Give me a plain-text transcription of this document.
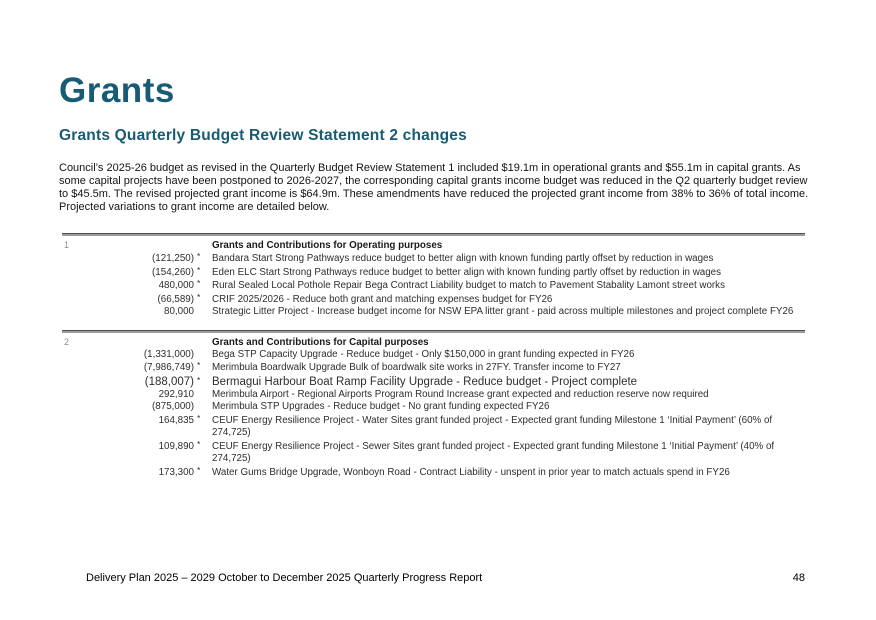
Grants
Grants Quarterly Budget Review Statement 2 changes
Council’s 2025-26 budget as revised in the Quarterly Budget Review Statement 1 included $19.1m in operational grants and $55.1m in capital grants. As some capital projects have been postponed to 2026-2027, the corresponding capital grants income budget was reduced in the Q2 quarterly budget review to $45.5m. The revised projected grant income is $64.9m. These amendments have reduced the projected grant income from 38% to 36% of total income. Projected variations to grant income are detailed below.
1	Grants and Contributions for Operating purposes
(121,250) *	Bandara Start Strong Pathways reduce budget to better align with known funding partly offset by reduction in wages
(154,260) *	Eden ELC Start Strong Pathways reduce budget to better align with known funding partly offset by reduction in wages
480,000 *	Rural Sealed Local Pothole Repair Bega Contract Liability budget to match to Pavement Stabality Lamont street works
(66,589) *	CRIF 2025/2026 - Reduce both grant and matching expenses budget for FY26
80,000 Strategic Litter Project - Increase budget income for NSW EPA litter grant - paid across multiple milestones and project complete FY26
2	Grants and Contributions for Capital purposes
(1,331,000) Bega STP Capacity Upgrade - Reduce budget - Only $150,000 in grant funding expected in FY26
(7,986,749) *	Merimbula Boardwalk Upgrade Bulk of boardwalk site works in 27FY. Transfer income to FY27
(188,007) *	Bermagui Harbour Boat Ramp Facility Upgrade - Reduce budget - Project complete
292,910 Merimbula Airport - Regional Airports Program Round Increase grant expected and reduction reserve now required
(875,000) Merimbula STP Upgrades - Reduce budget - No grant funding expected FY26
164,835 *	CEUF Energy Resilience Project - Water Sites grant funded project - Expected grant funding Milestone 1 ‘Initial Payment’ (60% of 274,725)
109,890 *	CEUF Energy Resilience Project - Sewer Sites grant funded project - Expected grant funding Milestone 1 ‘Initial Payment’ (40% of 274,725)
173,300 *	Water Gums Bridge Upgrade, Wonboyn Road - Contract Liability - unspent in prior year to match actuals spend in FY26
Delivery Plan 2025 – 2029 October to December 2025 Quarterly Progress Report	48
